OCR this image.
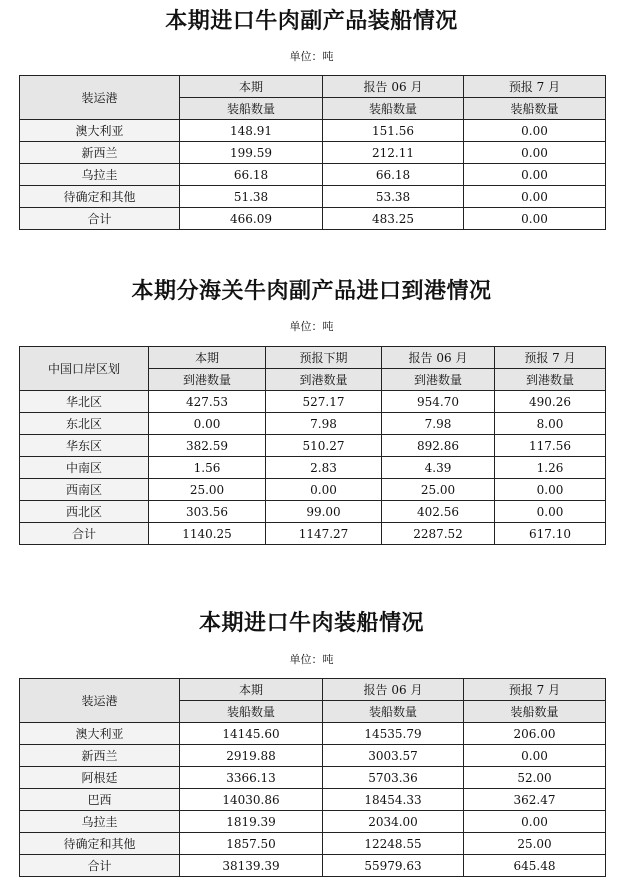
本期进口牛肉副产品装船情况
单位：吨
装运港	本期	报告 06 月	预报 7 月
	装船数量	装船数量	装船数量
澳大利亚	148.91	151.56	0.00
新西兰	199.59	212.11	0.00
乌拉圭	66.18	66.18	0.00
待确定和其他	51.38	53.38	0.00
合计	466.09	483.25	0.00
本期分海关牛肉副产品进口到港情况
单位：吨
中国口岸区划	本期	预报下期	报告 06 月	预报 7 月
	到港数量	到港数量	到港数量	到港数量
华北区	427.53	527.17	954.70	490.26
东北区	0.00	7.98	7.98	8.00
华东区	382.59	510.27	892.86	117.56
中南区	1.56	2.83	4.39	1.26
西南区	25.00	0.00	25.00	0.00
西北区	303.56	99.00	402.56	0.00
合计	1140.25	1147.27	2287.52	617.10
本期进口牛肉装船情况
单位：吨
装运港	本期	报告 06 月	预报 7 月
	装船数量	装船数量	装船数量
澳大利亚	14145.60	14535.79	206.00
新西兰	2919.88	3003.57	0.00
阿根廷	3366.13	5703.36	52.00
巴西	14030.86	18454.33	362.47
乌拉圭	1819.39	2034.00	0.00
待确定和其他	1857.50	12248.55	25.00
合计	38139.39	55979.63	645.48
